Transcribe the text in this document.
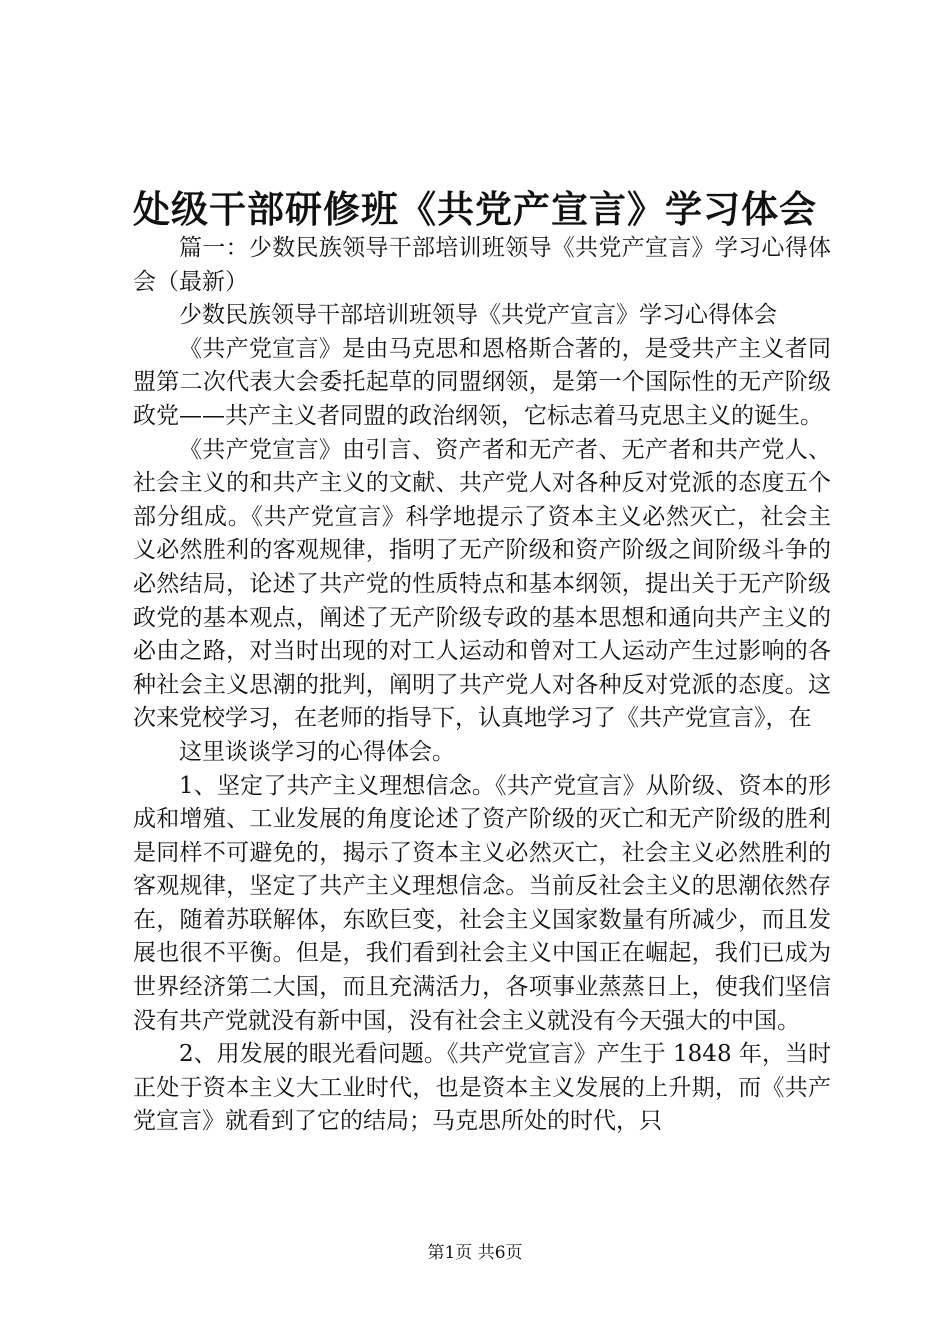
处级干部研修班《共党产宣言》学习体会

篇一：少数民族领导干部培训班领导《共党产宣言》学习心得体会（最新）

少数民族领导干部培训班领导《共党产宣言》学习心得体会

《共产党宣言》是由马克思和恩格斯合著的，是受共产主义者同盟第二次代表大会委托起草的同盟纲领，是第一个国际性的无产阶级政党——共产主义者同盟的政治纲领，它标志着马克思主义的诞生。

《共产党宣言》由引言、资产者和无产者、无产者和共产党人、社会主义的和共产主义的文献、共产党人对各种反对党派的态度五个部分组成。《共产党宣言》科学地提示了资本主义必然灭亡，社会主义必然胜利的客观规律，指明了无产阶级和资产阶级之间阶级斗争的必然结局，论述了共产党的性质特点和基本纲领，提出关于无产阶级政党的基本观点，阐述了无产阶级专政的基本思想和通向共产主义的必由之路，对当时出现的对工人运动和曾对工人运动产生过影响的各种社会主义思潮的批判，阐明了共产党人对各种反对党派的态度。这次来党校学习，在老师的指导下，认真地学习了《共产党宣言》，在

这里谈谈学习的心得体会。

1、坚定了共产主义理想信念。《共产党宣言》从阶级、资本的形成和增殖、工业发展的角度论述了资产阶级的灭亡和无产阶级的胜利是同样不可避免的，揭示了资本主义必然灭亡，社会主义必然胜利的客观规律，坚定了共产主义理想信念。当前反社会主义的思潮依然存在，随着苏联解体，东欧巨变，社会主义国家数量有所减少，而且发展也很不平衡。但是，我们看到社会主义中国正在崛起，我们已成为世界经济第二大国，而且充满活力，各项事业蒸蒸日上，使我们坚信没有共产党就没有新中国，没有社会主义就没有今天强大的中国。

2、用发展的眼光看问题。《共产党宣言》产生于 1848 年，当时正处于资本主义大工业时代，也是资本主义发展的上升期，而《共产党宣言》就看到了它的结局；马克思所处的时代，只

第1页 共6页
